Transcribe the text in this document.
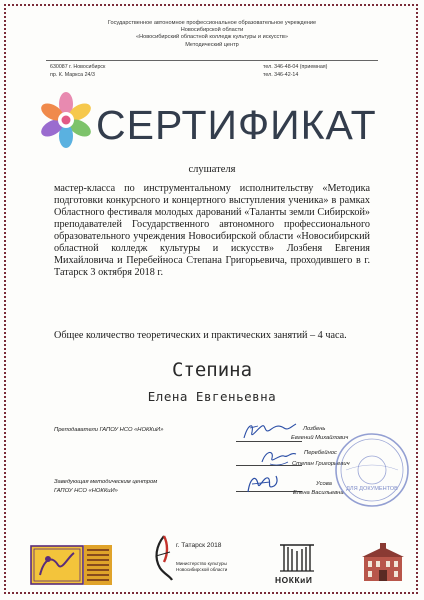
Государственное автономное профессиональное образовательное учреждение
Новосибирской области
«Новосибирский областной колледж культуры и искусств»
Методический центр
630087 г. Новосибирск
пр. К. Маркса 24/3
тел. 346-48-04 (приемная)
тел. 346-42-14
СЕРТИФИКАТ
слушателя
мастер-класса по инструментальному исполнительству «Методика подготовки конкурсного и концертного выступления ученика» в рамках Областного фестиваля молодых дарований «Таланты земли Сибирской» преподавателей Государственного автономного профессионального образовательного учреждения Новосибирской области «Новосибирский областной колледж культуры и искусств» Лозбеня Евгения Михайловича и Перебейноса Степана Григорьевича, проходившего в г. Татарск 3 октября 2018 г.
Общее количество теоретических и практических занятий – 4 часа.
Степина
Елена Евгеньевна
Преподаватели ГАПОУ НСО «НОККиИ»	Лозбень
Евгений Михайлович
Перебейнос
Степан Григорьевич
Заведующая методическим центром
ГАПОУ НСО «НОККиИ»
Усова
Елена Васильевна
ДЛЯ ДОКУМЕНТОВ
г. Татарск 2018
Министерство культуры
Новосибирской области
НОККиИ
